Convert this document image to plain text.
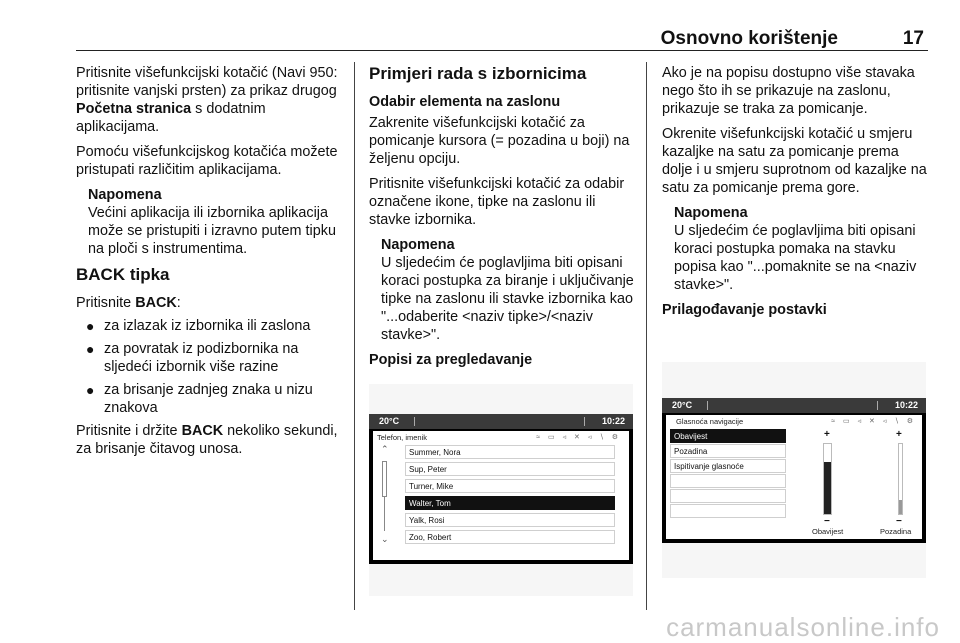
Osnovno korištenje	17

Pritisnite višefunkcijski kotačić (Navi 950: pritisnite vanjski prsten) za prikaz drugog Početna stranica s dodatnim aplikacijama.

Pomoću višefunkcijskog kotačića možete pristupati različitim aplikacijama.

Napomena
Većini aplikacija ili izbornika aplikacija može se pristupiti i izravno putem tipku na ploči s instrumentima.
BACK tipka

Pritisnite BACK:

● za izlazak iz izbornika ili zaslona
● za povratak iz podizbornika na sljedeći izbornik više razine
● za brisanje zadnjeg znaka u nizu znakova

Pritisnite i držite BACK nekoliko sekundi, za brisanje čitavog unosa.

Primjeri rada s izbornicima
Odabir elementa na zaslonu

Zakrenite višefunkcijski kotačić za pomicanje kursora (= pozadina u boji) na željenu opciju.

Pritisnite višefunkcijski kotačić za odabir označene ikone, tipke na zaslonu ili stavke izbornika.

Napomena
U sljedećim će poglavljima biti opisani koraci postupka za biranje i uključivanje tipke na zaslonu ili stavke izbornika kao "...odaberite <naziv tipke>/<naziv stavke>".
Popisi za pregledavanje
20°C	10:22
Telefon, imenik	≈ ▭ ◃ ✕ ◃ ∖ ⚙
⌃
⌄
Summer, Nora
Sup, Peter
Turner, Mike
Walter, Tom
Yalk, Rosi
Zoo, Robert

Ako je na popisu dostupno više stavaka nego što ih se prikazuje na zaslonu, prikazuje se traka za pomicanje.

Okrenite višefunkcijski kotačić u smjeru kazaljke na satu za pomicanje prema dolje i u smjeru suprotnom od kazaljke na satu za pomicanje prema gore.

Napomena
U sljedećim će poglavljima biti opisani koraci postupka pomaka na stavku popisa kao "...pomaknite se na <naziv stavke>".
Prilagođavanje postavki
20°C	10:22
Glasnoća navigacije	≈ ▭ ◃ ✕ ◃ ∖ ⚙
Obavijest
Pozadina
Ispitivanje glasnoće
+
−
Obavijest
+
−
Pozadina
carmanualsonline.info
